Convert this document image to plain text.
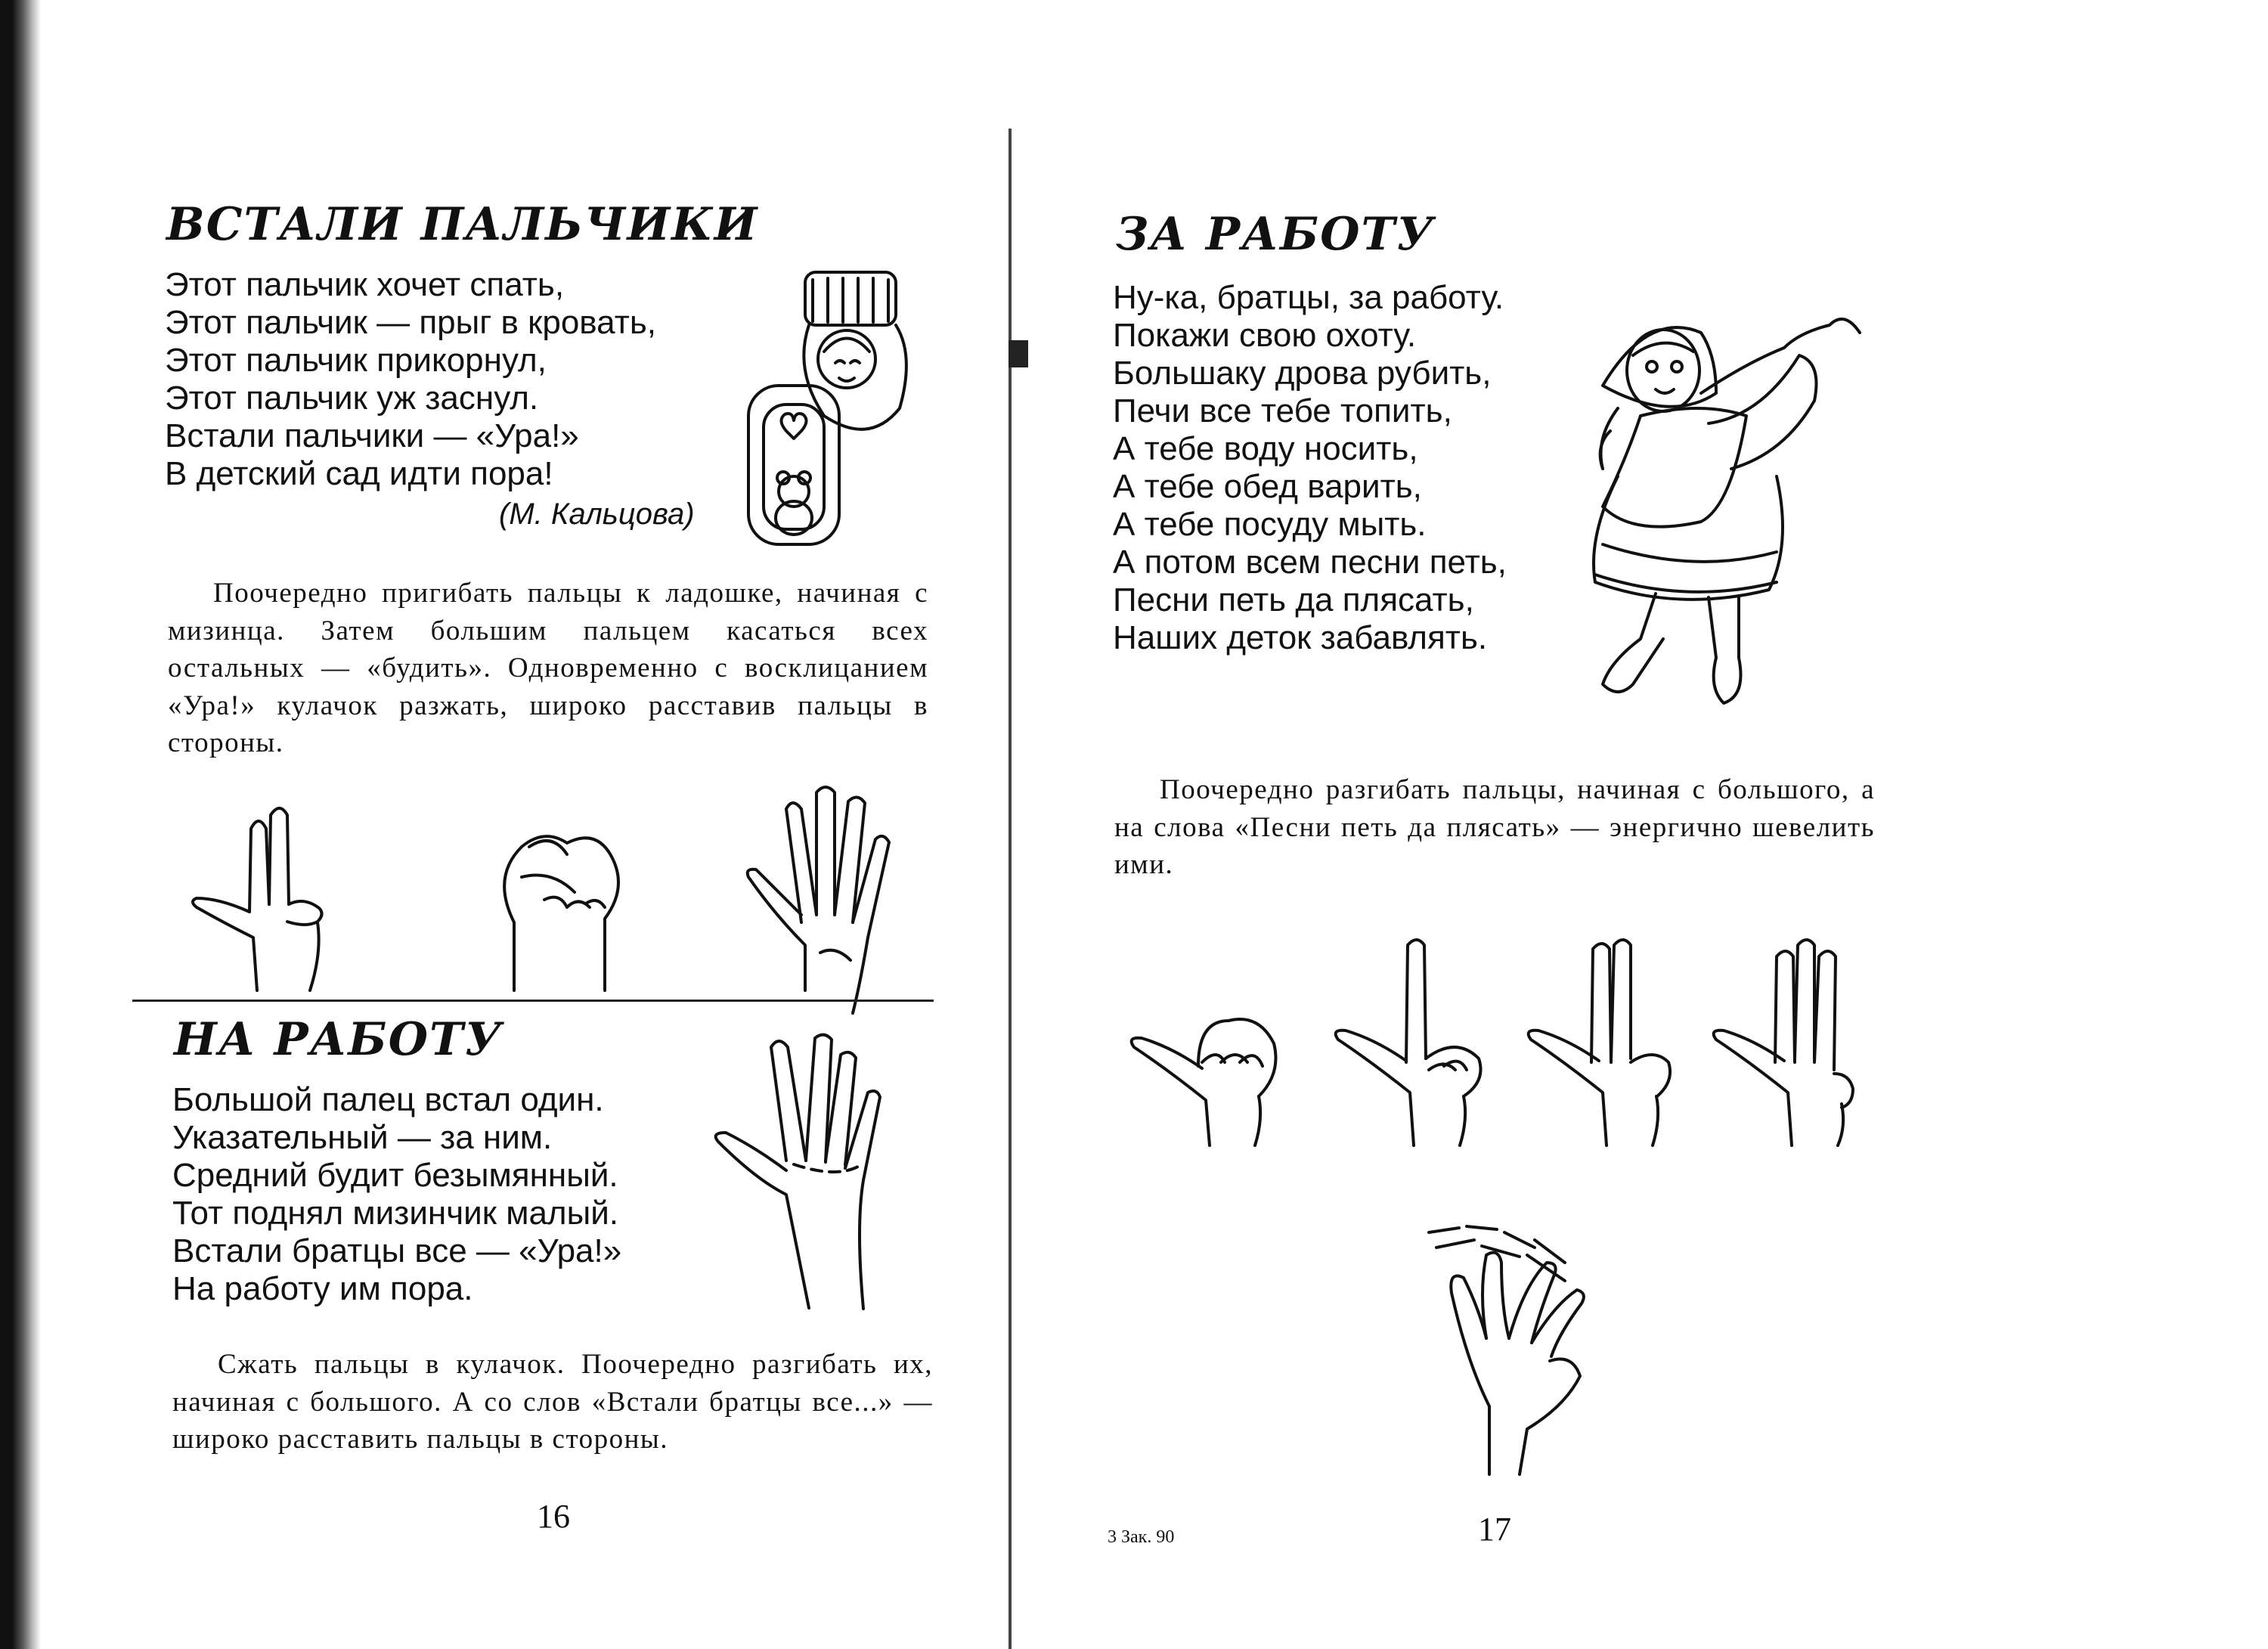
ВСТАЛИ ПАЛЬЧИКИ
Этот пальчик хочет спать,
Этот пальчик — прыг в кровать,
Этот пальчик прикорнул,
Этот пальчик уж заснул.
Встали пальчики — «Ура!»
В детский сад идти пора!
(М. Кальцова)
Поочередно пригибать пальцы к ладошке, начиная с мизинца. Затем большим пальцем касаться всех остальных — «будить». Одновременно с восклицанием «Ура!» кулачок разжать, широко расставив пальцы в стороны.
НА РАБОТУ
Большой палец встал один.
Указательный — за ним.
Средний будит безымянный.
Тот поднял мизинчик малый.
Встали братцы все — «Ура!»
На работу им пора.
Сжать пальцы в кулачок. Поочередно разгибать их, начиная с большого. А со слов «Встали братцы все...» — широко расставить пальцы в стороны.
16
ЗА РАБОТУ
Ну-ка, братцы, за работу.
Покажи свою охоту.
Большаку дрова рубить,
Печи все тебе топить,
А тебе воду носить,
А тебе обед варить,
А тебе посуду мыть.
А потом всем песни петь,
Песни петь да плясать,
Наших деток забавлять.
Поочередно разгибать пальцы, начиная с большого, а на слова «Песни петь да плясать» — энергично шевелить ими.
3 Зак. 90	17
